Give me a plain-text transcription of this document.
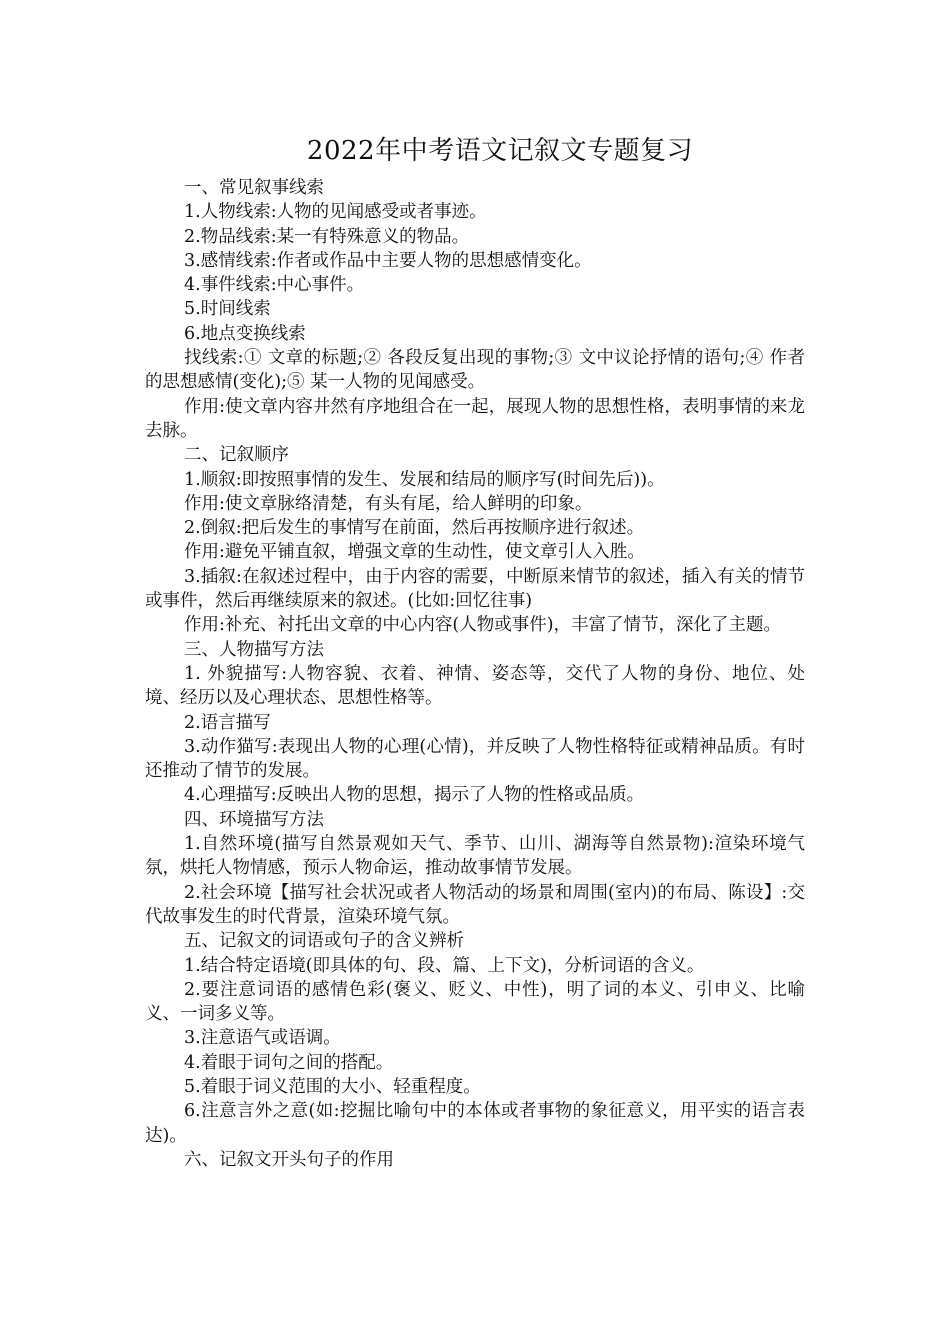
2022年中考语文记叙文专题复习

一、常见叙事线索

1.人物线索:人物的见闻感受或者事迹。

2.物品线索:某一有特殊意义的物品。

3.感情线索:作者或作品中主要人物的思想感情变化。

4.事件线索:中心事件。

5.时间线索

6.地点变换线索

找线索:① 文章的标题;② 各段反复出现的事物;③ 文中议论抒情的语句;④ 作者的思想感情(变化);⑤ 某一人物的见闻感受。

作用:使文章内容井然有序地组合在一起，展现人物的思想性格，表明事情的来龙去脉。

二、记叙顺序

1.顺叙:即按照事情的发生、发展和结局的顺序写(时间先后))。

作用:使文章脉络清楚，有头有尾，给人鲜明的印象。

2.倒叙:把后发生的事情写在前面，然后再按顺序进行叙述。

作用:避免平铺直叙，增强文章的生动性，使文章引人入胜。

3.插叙:在叙述过程中，由于内容的需要，中断原来情节的叙述，插入有关的情节或事件，然后再继续原来的叙述。(比如:回忆往事)

作用:补充、衬托出文章的中心内容(人物或事件)，丰富了情节，深化了主题。

三、人物描写方法

1. 外貌描写:人物容貌、衣着、神情、姿态等，交代了人物的身份、地位、处境、经历以及心理状态、思想性格等。

2.语言描写

3.动作猫写:表现出人物的心理(心情)，并反映了人物性格特征或精神品质。有时还推动了情节的发展。

4.心理描写:反映出人物的思想，揭示了人物的性格或品质。

四、环境描写方法

1.自然环境(描写自然景观如天气、季节、山川、湖海等自然景物):渲染环境气氛，烘托人物情感，预示人物命运，推动故事情节发展。

2.社会环境【描写社会状况或者人物活动的场景和周围(室内)的布局、陈设】:交代故事发生的时代背景，渲染环境气氛。

五、记叙文的词语或句子的含义辨析

1.结合特定语境(即具体的句、段、篇、上下文)，分析词语的含义。

2.要注意词语的感情色彩(褒义、贬义、中性)，明了词的本义、引申义、比喻义、一词多义等。

3.注意语气或语调。

4.着眼于词句之间的搭配。

5.着眼于词义范围的大小、轻重程度。

6.注意言外之意(如:挖掘比喻句中的本体或者事物的象征意义，用平实的语言表达)。

六、记叙文开头句子的作用
